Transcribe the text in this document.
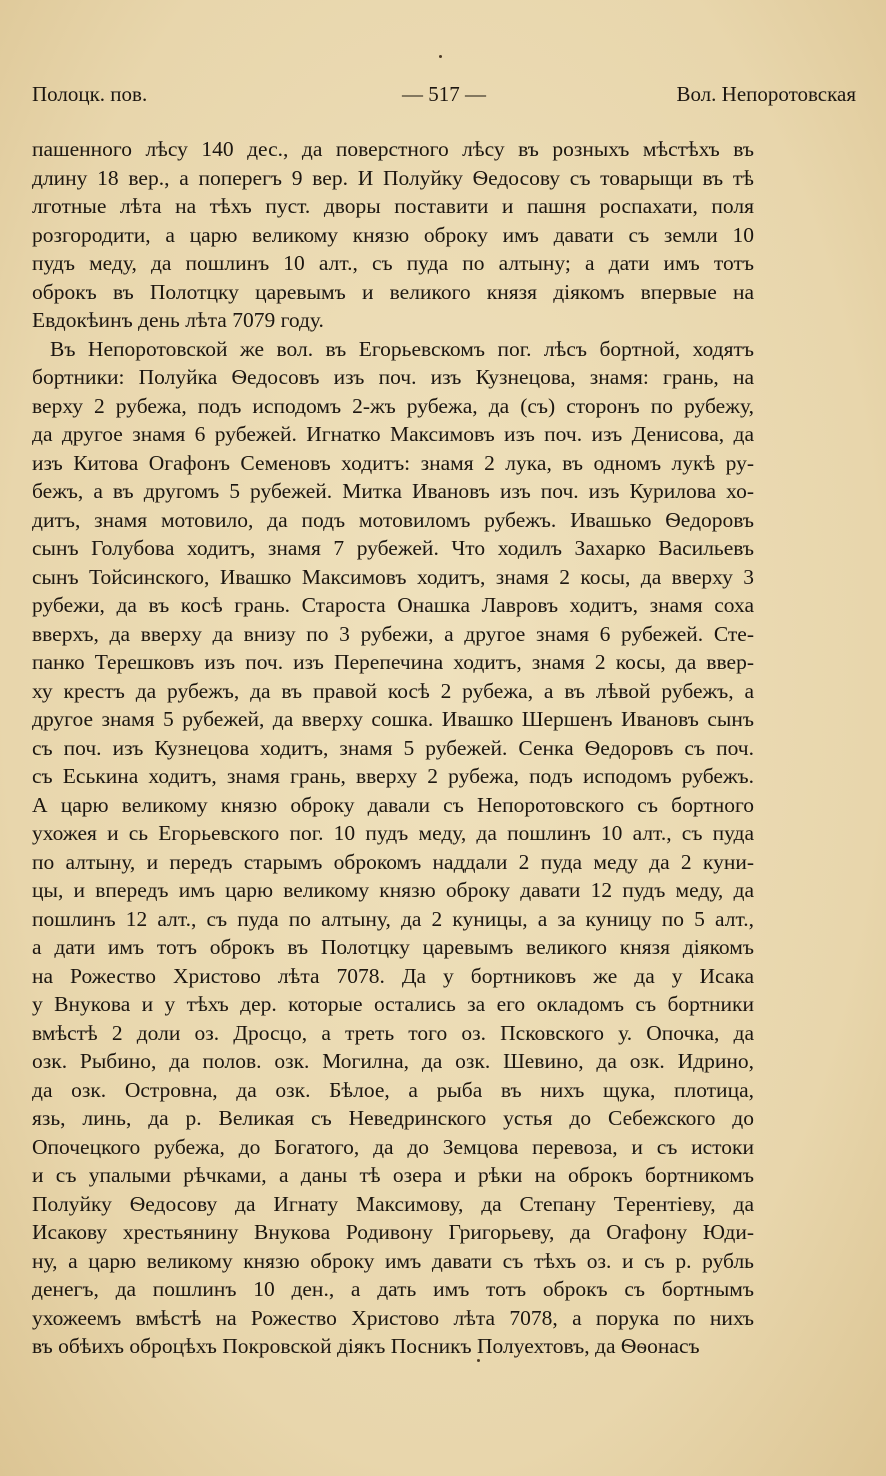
Полоцк. пов.	— 517 —	Вол. Непоротовская
пашенного лѣсу 140 дес., да поверстного лѣсу въ розныхъ мѣстѣхъ въ
длину 18 вер., а поперегъ 9 вер. И Полуйку Ѳедосову съ товарыщи въ тѣ
лготные лѣта на тѣхъ пуст. дворы поставити и пашня роспахати, поля
розгородити, а царю великому князю оброку имъ давати съ земли 10
пудъ меду, да пошлинъ 10 алт., съ пуда по алтыну; а дати имъ тотъ
оброкъ въ Полотцку царевымъ и великого князя діякомъ впервые на
Евдокѣинъ день лѣта 7079 году.
Въ Непоротовской же вол. въ Егорьевскомъ пог. лѣсъ бортной, ходятъ
бортники: Полуйка Ѳедосовъ изъ поч. изъ Кузнецова, знамя: грань, на
верху 2 рубежа, подъ исподомъ 2-жъ рубежа, да (съ) сторонъ по рубежу,
да другое знамя 6 рубежей. Игнатко Максимовъ изъ поч. изъ Денисова, да
изъ Китова Огафонъ Семеновъ ходитъ: знамя 2 лука, въ одномъ лукѣ ру-
бежъ, а въ другомъ 5 рубежей. Митка Ивановъ изъ поч. изъ Курилова хо-
дитъ, знамя мотовило, да подъ мотовиломъ рубежъ. Ивашько Ѳедоровъ
сынъ Голубова ходитъ, знамя 7 рубежей. Что ходилъ Захарко Васильевъ
сынъ Тойсинского, Ивашко Максимовъ ходитъ, знамя 2 косы, да вверху 3
рубежи, да въ косѣ грань. Староста Онашка Лавровъ ходитъ, знамя соха
вверхъ, да вверху да внизу по 3 рубежи, а другое знамя 6 рубежей. Сте-
панко Терешковъ изъ поч. изъ Перепечина ходитъ, знамя 2 косы, да ввер-
ху крестъ да рубежъ, да въ правой косѣ 2 рубежа, а въ лѣвой рубежъ, а
другое знамя 5 рубежей, да вверху сошка. Ивашко Шершенъ Ивановъ сынъ
съ поч. изъ Кузнецова ходитъ, знамя 5 рубежей. Сенка Ѳедоровъ съ поч.
съ Еськина ходитъ, знамя грань, вверху 2 рубежа, подъ исподомъ рубежъ.
А царю великому князю оброку давали съ Непоротовского съ бортного
ухожея и сь Егорьевского пог. 10 пудъ меду, да пошлинъ 10 алт., съ пуда
по алтыну, и передъ старымъ оброкомъ наддали 2 пуда меду да 2 куни-
цы, и впередъ имъ царю великому князю оброку давати 12 пудъ меду, да
пошлинъ 12 алт., съ пуда по алтыну, да 2 куницы, а за куницу по 5 алт.,
а дати имъ тотъ оброкъ въ Полотцку царевымъ великого князя діякомъ
на Рожество Христово лѣта 7078. Да у бортниковъ же да у Исака
у Внукова и у тѣхъ дер. которые остались за его окладомъ съ бортники
вмѣстѣ 2 доли оз. Дросцо, а треть того оз. Псковского у. Опочка, да
озк. Рыбино, да полов. озк. Могилна, да озк. Шевино, да озк. Идрино,
да озк. Островна, да озк. Бѣлое, а рыба въ нихъ щука, плотица,
язь, линь, да р. Великая съ Неведринского устья до Себежского до
Опочецкого рубежа, до Богатого, да до Земцова перевоза, и съ истоки
и съ упалыми рѣчками, а даны тѣ озера и рѣки на оброкъ бортникомъ
Полуйку Ѳедосову да Игнату Максимову, да Степану Терентіеву, да
Исакову хрестьянину Внукова Родивону Григорьеву, да Огафону Юди-
ну, а царю великому князю оброку имъ давати съ тѣхъ оз. и съ р. рубль
денегъ, да пошлинъ 10 ден., а дать имъ тотъ оброкъ съ бортнымъ
ухожеемъ вмѣстѣ на Рожество Христово лѣта 7078, а порука по нихъ
въ обѣихъ оброцѣхъ Покровской діякъ Посникъ Полуехтовъ, да Ѳѳонасъ
